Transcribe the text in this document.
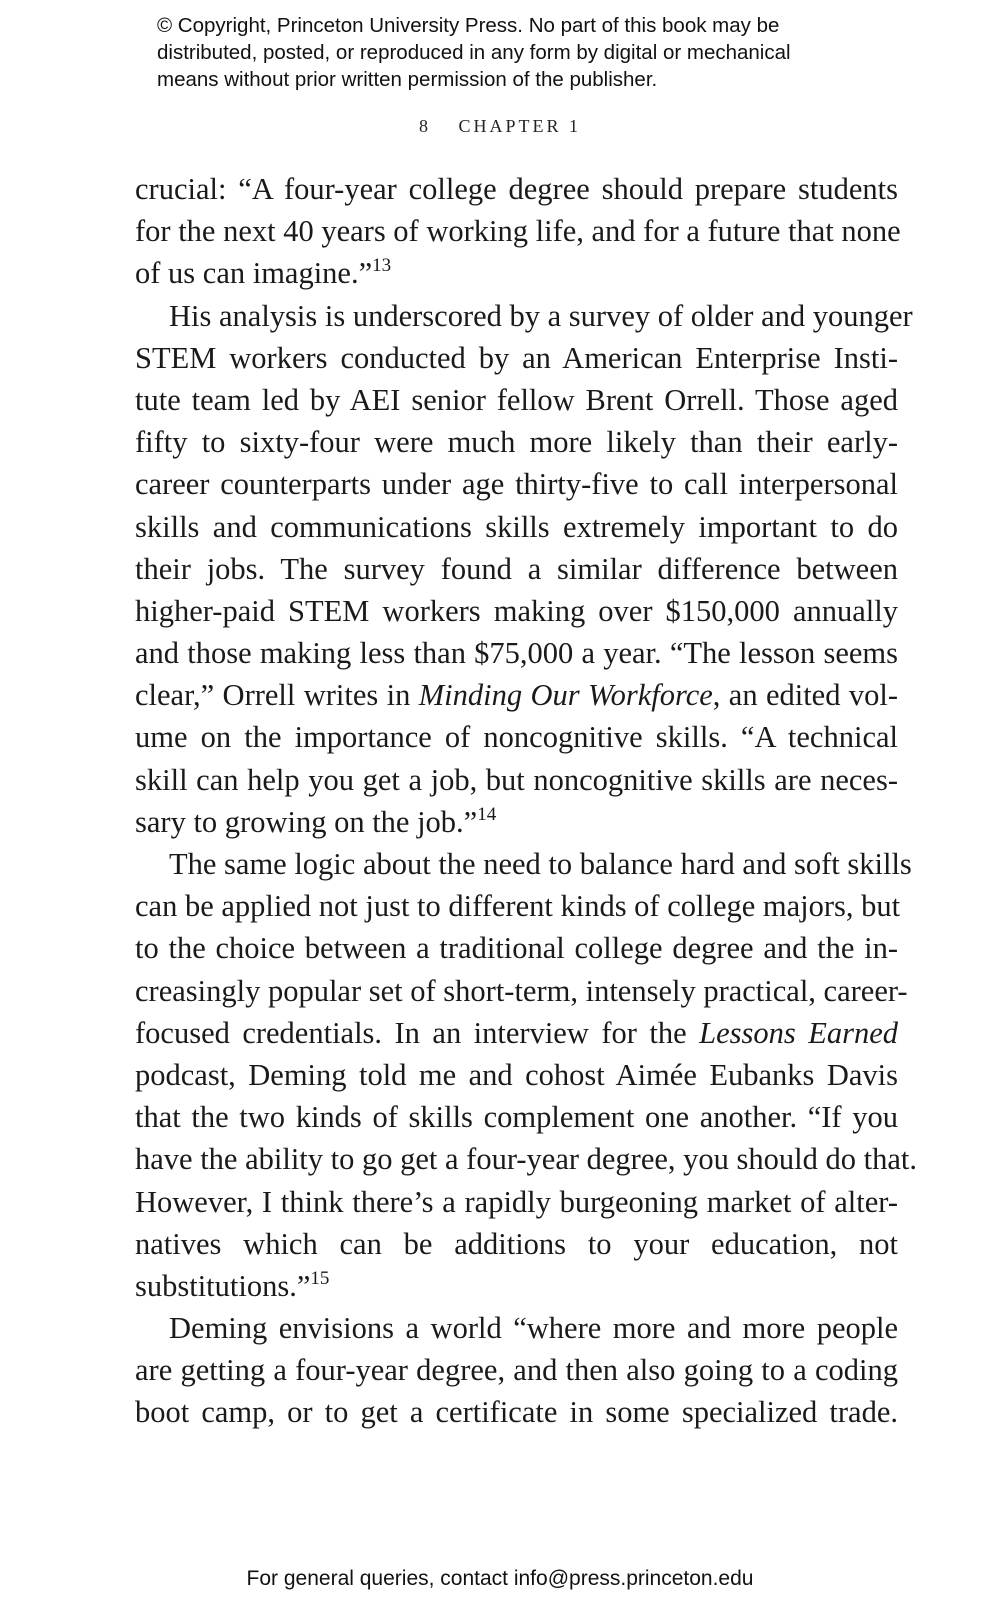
© Copyright, Princeton University Press. No part of this book may be
distributed, posted, or reproduced in any form by digital or mechanical
means without prior written permission of the publisher.
8 CHAPTER 1
crucial: “A four-year college degree should prepare students
for the next 40 years of working life, and for a future that none
of us can imagine.”$^{13}$
His analysis is underscored by a survey of older and younger
STEM workers conducted by an American Enterprise Insti-
tute team led by AEI senior fellow Brent Orrell. Those aged
fifty to sixty-four were much more likely than their early-
career counterparts under age thirty-five to call interpersonal
skills and communications skills extremely important to do
their jobs. The survey found a similar difference between
higher-paid STEM workers making over $150,000 annually
and those making less than $75,000 a year. “The lesson seems
clear,” Orrell writes in Minding Our Workforce, an edited vol-
ume on the importance of noncognitive skills. “A technical
skill can help you get a job, but noncognitive skills are neces-
sary to growing on the job.”$^{14}$
The same logic about the need to balance hard and soft skills
can be applied not just to different kinds of college majors, but
to the choice between a traditional college degree and the in-
creasingly popular set of short-term, intensely practical, career-
focused credentials. In an interview for the Lessons Earned
podcast, Deming told me and cohost Aimée Eubanks Davis
that the two kinds of skills complement one another. “If you
have the ability to go get a four-year degree, you should do that.
However, I think there’s a rapidly burgeoning market of alter-
natives which can be additions to your education, not
substitutions.”$^{15}$
Deming envisions a world “where more and more people
are getting a four-year degree, and then also going to a coding
boot camp, or to get a certificate in some specialized trade.
For general queries, contact info@press.princeton.edu
